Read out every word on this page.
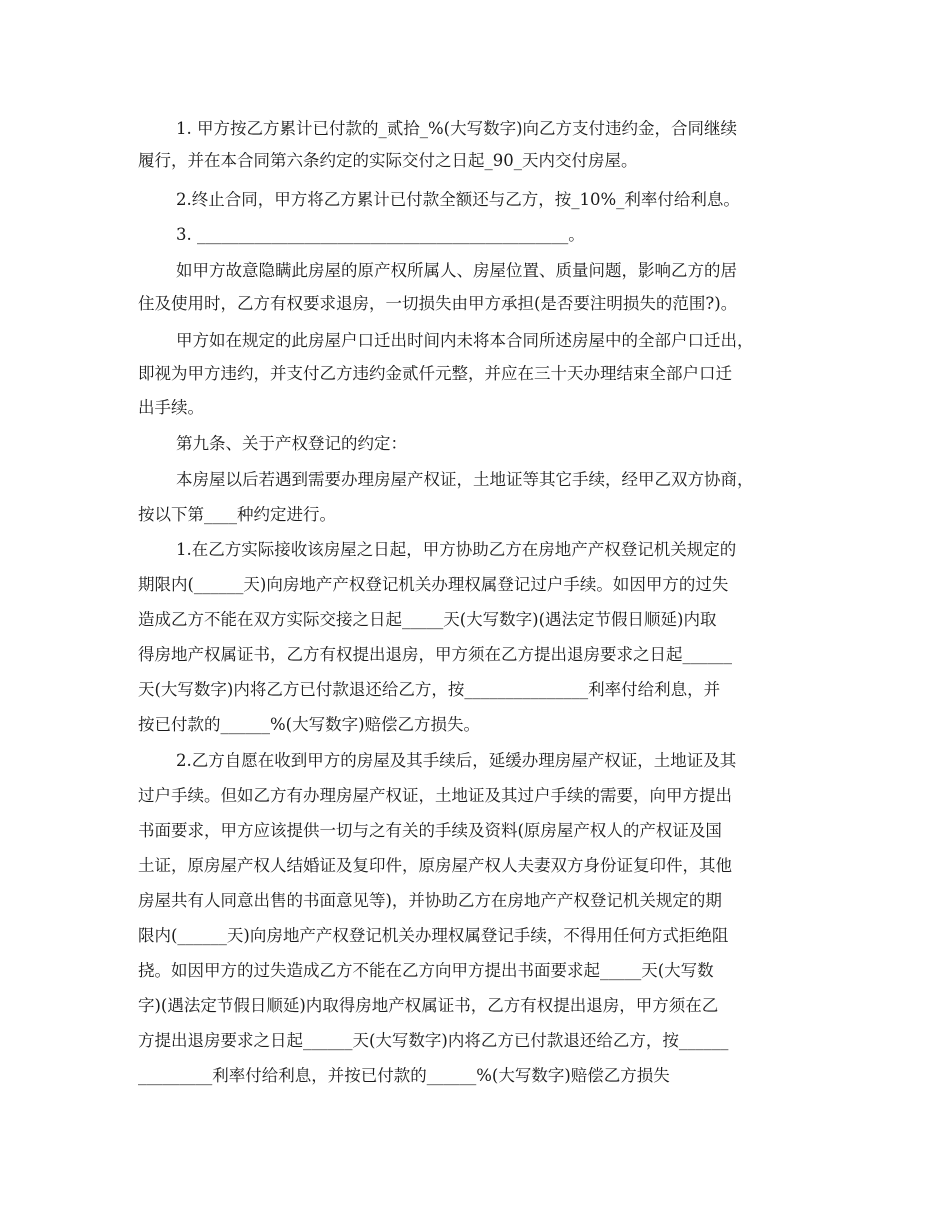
1. 甲方按乙方累计已付款的_贰拾_%(大写数字)向乙方支付违约金，合同继续
履行，并在本合同第六条约定的实际交付之日起_90_天内交付房屋。
2.终止合同，甲方将乙方累计已付款全额还与乙方，按_10%_利率付给利息。
3. _____________________________________________。
如甲方故意隐瞒此房屋的原产权所属人、房屋位置、质量问题，影响乙方的居
住及使用时，乙方有权要求退房，一切损失由甲方承担(是否要注明损失的范围?)。
甲方如在规定的此房屋户口迁出时间内未将本合同所述房屋中的全部户口迁出，
即视为甲方违约，并支付乙方违约金贰仟元整，并应在三十天办理结束全部户口迁
出手续。
第九条、关于产权登记的约定：
本房屋以后若遇到需要办理房屋产权证，土地证等其它手续，经甲乙双方协商，
按以下第____种约定进行。
1.在乙方实际接收该房屋之日起，甲方协助乙方在房地产产权登记机关规定的
期限内(______天)向房地产产权登记机关办理权属登记过户手续。如因甲方的过失
造成乙方不能在双方实际交接之日起_____天(大写数字)(遇法定节假日顺延)内取
得房地产权属证书，乙方有权提出退房，甲方须在乙方提出退房要求之日起______
天(大写数字)内将乙方已付款退还给乙方，按_______________利率付给利息，并
按已付款的______%(大写数字)赔偿乙方损失。
2.乙方自愿在收到甲方的房屋及其手续后，延缓办理房屋产权证，土地证及其
过户手续。但如乙方有办理房屋产权证，土地证及其过户手续的需要，向甲方提出
书面要求，甲方应该提供一切与之有关的手续及资料(原房屋产权人的产权证及国
土证，原房屋产权人结婚证及复印件，原房屋产权人夫妻双方身份证复印件，其他
房屋共有人同意出售的书面意见等)，并协助乙方在房地产产权登记机关规定的期
限内(______天)向房地产产权登记机关办理权属登记手续，不得用任何方式拒绝阻
挠。如因甲方的过失造成乙方不能在乙方向甲方提出书面要求起_____天(大写数
字)(遇法定节假日顺延)内取得房地产权属证书，乙方有权提出退房，甲方须在乙
方提出退房要求之日起______天(大写数字)内将乙方已付款退还给乙方，按______
_________利率付给利息，并按已付款的______%(大写数字)赔偿乙方损失
